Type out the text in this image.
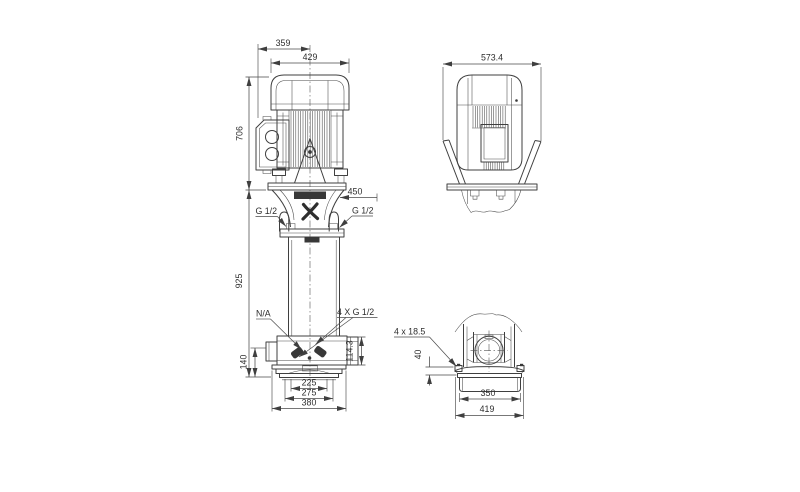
359
429
706
925
450
G 1/2	G 1/2
N/A	4 X G 1/2
140
114.3
225
275
380
573.4
350
419
40
4 x 18.5
